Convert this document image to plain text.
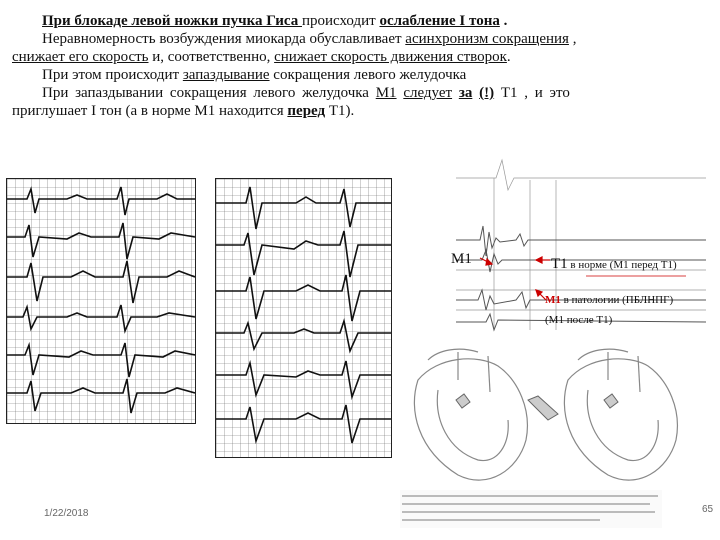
При блокаде левой ножки пучка Гиса происходит ослабление I тона .
Неравномерность возбуждения миокарда обуславливает асинхронизм сокращения ,
снижает его скорость и, соответственно, снижает скорость движения створок.
При этом происходит запаздывание сокращения левого желудочка
При запаздывании сокращения левого желудочка M1 следует за (!) T1 , и это
приглушает I тон (а в норме M1 находится перед T1).
M1	T1 в норме (M1 перед T1)
M1 в патологии (ПБЛНПГ)
(M1 после T1)
1/22/2018	65
